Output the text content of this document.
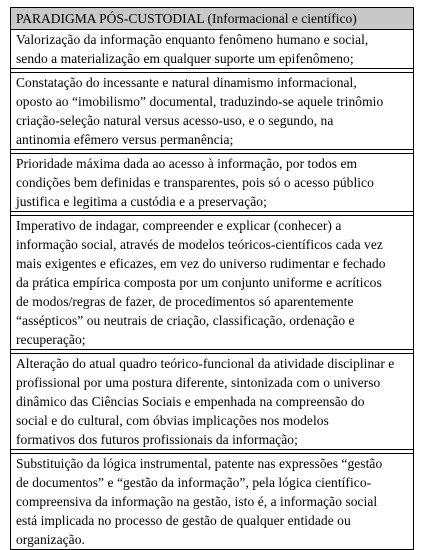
PARADIGMA PÓS-CUSTODIAL (Informacional e científico)
Valorização da informação enquanto fenômeno humano e social,
sendo a materialização em qualquer suporte um epifenômeno;
Constatação do incessante e natural dinamismo informacional,
oposto ao “imobilismo” documental, traduzindo-se aquele trinômio
criação-seleção natural versus acesso-uso, e o segundo, na
antinomia efêmero versus permanência;
Prioridade máxima dada ao acesso à informação, por todos em
condições bem definidas e transparentes, pois só o acesso público
justifica e legitima a custódia e a preservação;
Imperativo de indagar, compreender e explicar (conhecer) a
informação social, através de modelos teóricos-científicos cada vez
mais exigentes e eficazes, em vez do universo rudimentar e fechado
da prática empírica composta por um conjunto uniforme e acríticos
de modos/regras de fazer, de procedimentos só aparentemente
“assépticos” ou neutrais de criação, classificação, ordenação e
recuperação;
Alteração do atual quadro teórico-funcional da atividade disciplinar e
profissional por uma postura diferente, sintonizada com o universo
dinâmico das Ciências Sociais e empenhada na compreensão do
social e do cultural, com óbvias implicações nos modelos
formativos dos futuros profissionais da informação;
Substituição da lógica instrumental, patente nas expressões “gestão
de documentos” e “gestão da informação”, pela lógica científico-
compreensiva da informação na gestão, isto é, a informação social
está implicada no processo de gestão de qualquer entidade ou
organização.
